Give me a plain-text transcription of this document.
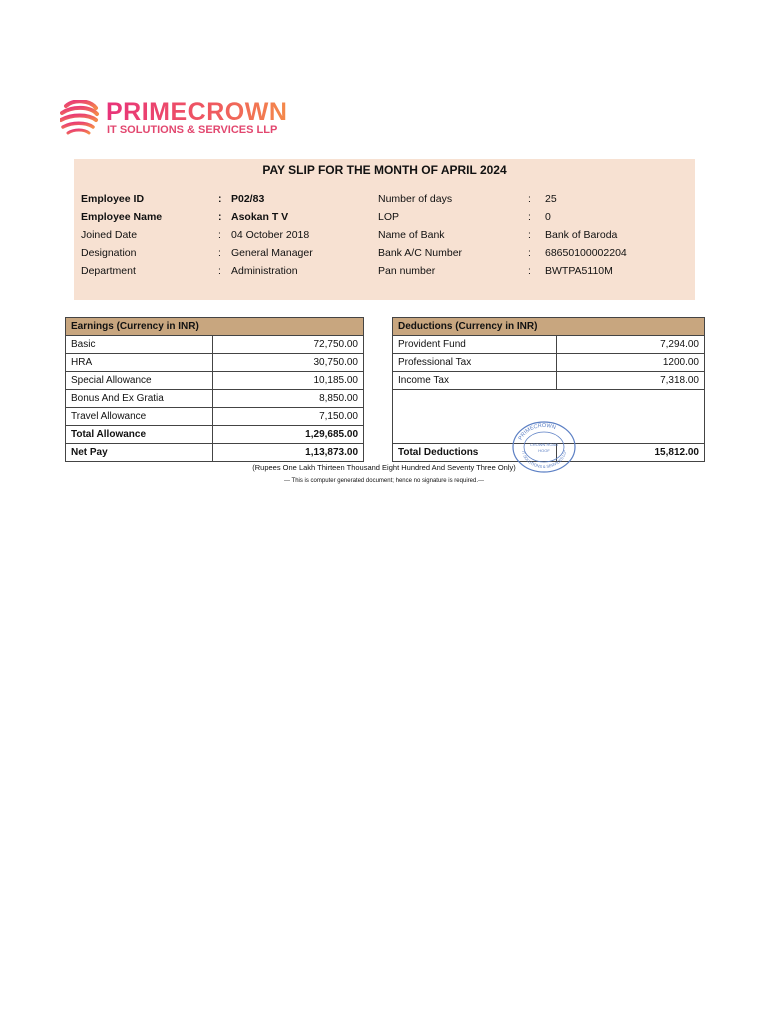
PRIMECROWN
IT SOLUTIONS & SERVICES LLP
PAY SLIP FOR THE MONTH OF APRIL 2024
Employee ID	: P02/83	Number of days	: 25
Employee Name	: Asokan T V	LOP	: 0
Joined Date	: 04 October 2018	Name of Bank	: Bank of Baroda
Designation	: General Manager	Bank A/C Number	: 68650100002204
Department	: Administration	Pan number	: BWTPA5110M
Earnings (Currency in INR)	
Basic	72,750.00
HRA	30,750.00
Special Allowance	10,185.00
Bonus And Ex Gratia	8,850.00
Travel Allowance	7,150.00
Total Allowance	1,29,685.00
Net Pay	1,13,873.00
Deductions (Currency in INR)	
Provident Fund	7,294.00
Professional Tax	1200.00
Income Tax	7,318.00

Total Deductions	15,812.00
PRIMECROWN
IT SOLUTIONS & SERVICES LLP
CROWN ROAD
HOOF
(Rupees One Lakh Thirteen Thousand Eight Hundred And Seventy Three Only)
--- This is computer generated document; hence no signature is required.---
